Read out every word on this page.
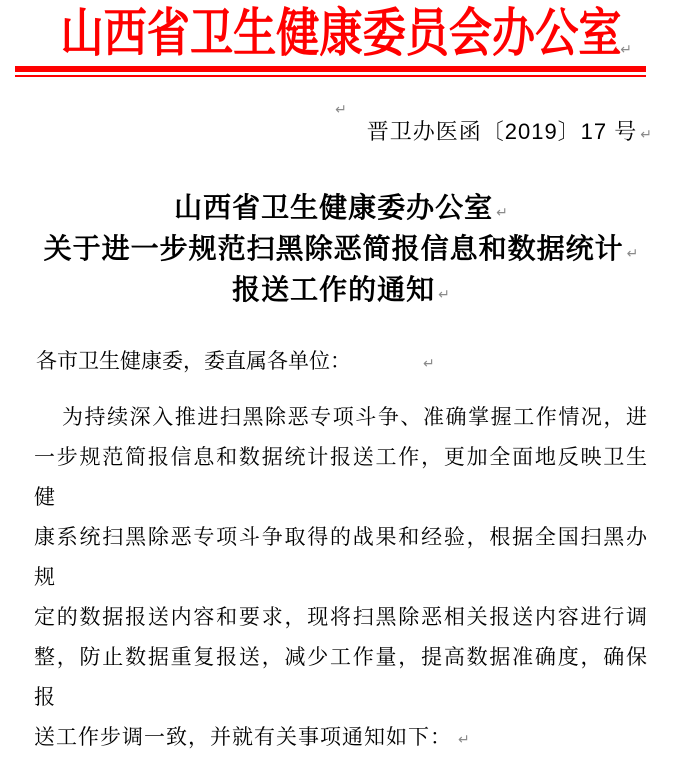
山西省卫生健康委员会办公室
↵
↵
晋卫办医函〔2019〕17 号 ↵
山西省卫生健康委办公室 ↵
关于进一步规范扫黑除恶简报信息和数据统计 ↵
报送工作的通知 ↵
各市卫生健康委，委直属各单位：	↵
为持续深入推进扫黑除恶专项斗争、准确掌握工作情况，进
一步规范简报信息和数据统计报送工作，更加全面地反映卫生健
康系统扫黑除恶专项斗争取得的战果和经验，根据全国扫黑办规
定的数据报送内容和要求，现将扫黑除恶相关报送内容进行调
整，防止数据重复报送，减少工作量，提高数据准确度，确保报
送工作步调一致，并就有关事项通知如下： ↵
